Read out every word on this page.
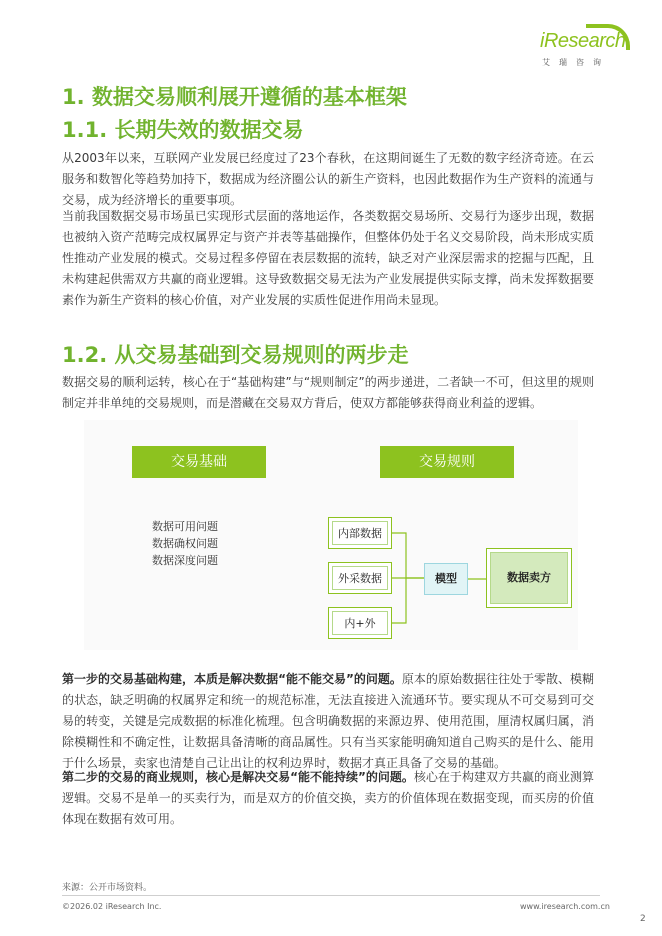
iResearch
艾瑞咨询
1. 数据交易顺利展开遵循的基本框架
1.1. 长期失效的数据交易

从2003年以来，互联网产业发展已经度过了23个春秋，在这期间诞生了无数的数字经济奇迹。在云服务和数智化等趋势加持下，数据成为经济圈公认的新生产资料，也因此数据作为生产资料的流通与交易，成为经济增长的重要事项。

当前我国数据交易市场虽已实现形式层面的落地运作，各类数据交易场所、交易行为逐步出现，数据也被纳入资产范畴完成权属界定与资产并表等基础操作，但整体仍处于名义交易阶段，尚未形成实质性推动产业发展的模式。交易过程多停留在表层数据的流转，缺乏对产业深层需求的挖掘与匹配，且未构建起供需双方共赢的商业逻辑。这导致数据交易无法为产业发展提供实际支撑，尚未发挥数据要素作为新生产资料的核心价值，对产业发展的实质性促进作用尚未显现。

1.2. 从交易基础到交易规则的两步走

数据交易的顺利运转，核心在于“基础构建”与“规则制定”的两步递进，二者缺一不可，但这里的规则制定并非单纯的交易规则，而是潜藏在交易双方背后，使双方都能够获得商业利益的逻辑。

交易基础	交易规则
数据可用问题
数据确权问题
数据深度问题
内部数据
外采数据
内+外
模型	数据卖方

第一步的交易基础构建，本质是解决数据“能不能交易”的问题。原本的原始数据往往处于零散、模糊的状态，缺乏明确的权属界定和统一的规范标准，无法直接进入流通环节。要实现从不可交易到可交易的转变，关键是完成数据的标准化梳理。包含明确数据的来源边界、使用范围，厘清权属归属，消除模糊性和不确定性，让数据具备清晰的商品属性。只有当买家能明确知道自己购买的是什么、能用于什么场景，卖家也清楚自己让出让的权利边界时，数据才真正具备了交易的基础。

第二步的交易的商业规则，核心是解决交易“能不能持续”的问题。核心在于构建双方共赢的商业测算逻辑。交易不是单一的买卖行为，而是双方的价值交换，卖方的价值体现在数据变现，而买房的价值体现在数据有效可用。

来源：公开市场资料。
©2026.02 iResearch Inc.	www.iresearch.com.cn
2
